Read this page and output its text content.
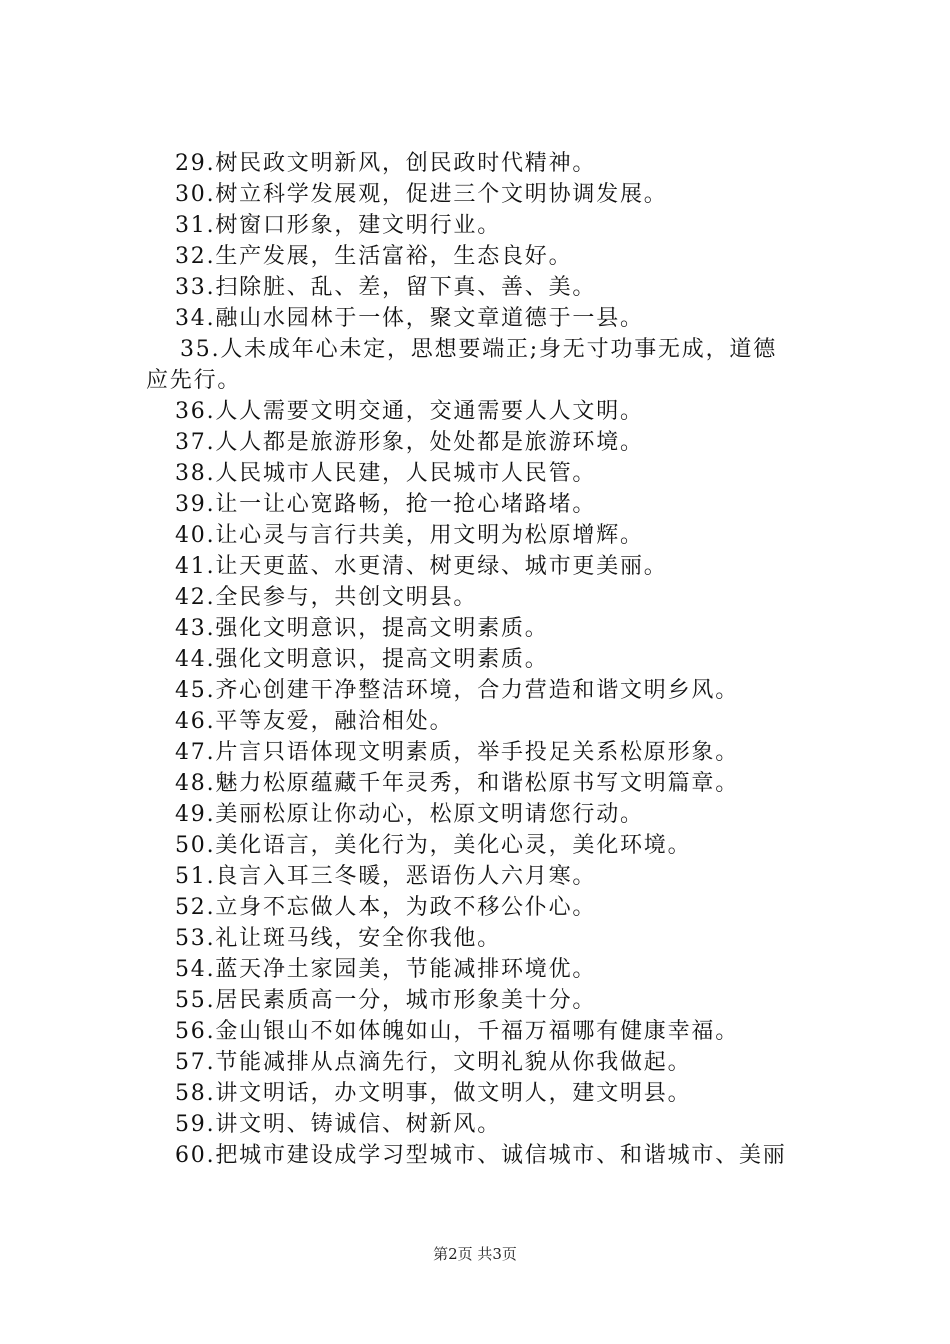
29.树民政文明新风，创民政时代精神。
30.树立科学发展观，促进三个文明协调发展。
31.树窗口形象，建文明行业。
32.生产发展，生活富裕，生态良好。
33.扫除脏、乱、差，留下真、善、美。
34.融山水园林于一体，聚文章道德于一县。
35.人未成年心未定，思想要端正;身无寸功事无成，道德
应先行。
36.人人需要文明交通，交通需要人人文明。
37.人人都是旅游形象，处处都是旅游环境。
38.人民城市人民建，人民城市人民管。
39.让一让心宽路畅，抢一抢心堵路堵。
40.让心灵与言行共美，用文明为松原增辉。
41.让天更蓝、水更清、树更绿、城市更美丽。
42.全民参与，共创文明县。
43.强化文明意识，提高文明素质。
44.强化文明意识，提高文明素质。
45.齐心创建干净整洁环境，合力营造和谐文明乡风。
46.平等友爱，融洽相处。
47.片言只语体现文明素质，举手投足关系松原形象。
48.魅力松原蕴藏千年灵秀，和谐松原书写文明篇章。
49.美丽松原让你动心，松原文明请您行动。
50.美化语言，美化行为，美化心灵，美化环境。
51.良言入耳三冬暖，恶语伤人六月寒。
52.立身不忘做人本，为政不移公仆心。
53.礼让斑马线，安全你我他。
54.蓝天净土家园美，节能减排环境优。
55.居民素质高一分，城市形象美十分。
56.金山银山不如体魄如山，千福万福哪有健康幸福。
57.节能减排从点滴先行，文明礼貌从你我做起。
58.讲文明话，办文明事，做文明人，建文明县。
59.讲文明、铸诚信、树新风。
60.把城市建设成学习型城市、诚信城市、和谐城市、美丽
第2页 共3页
